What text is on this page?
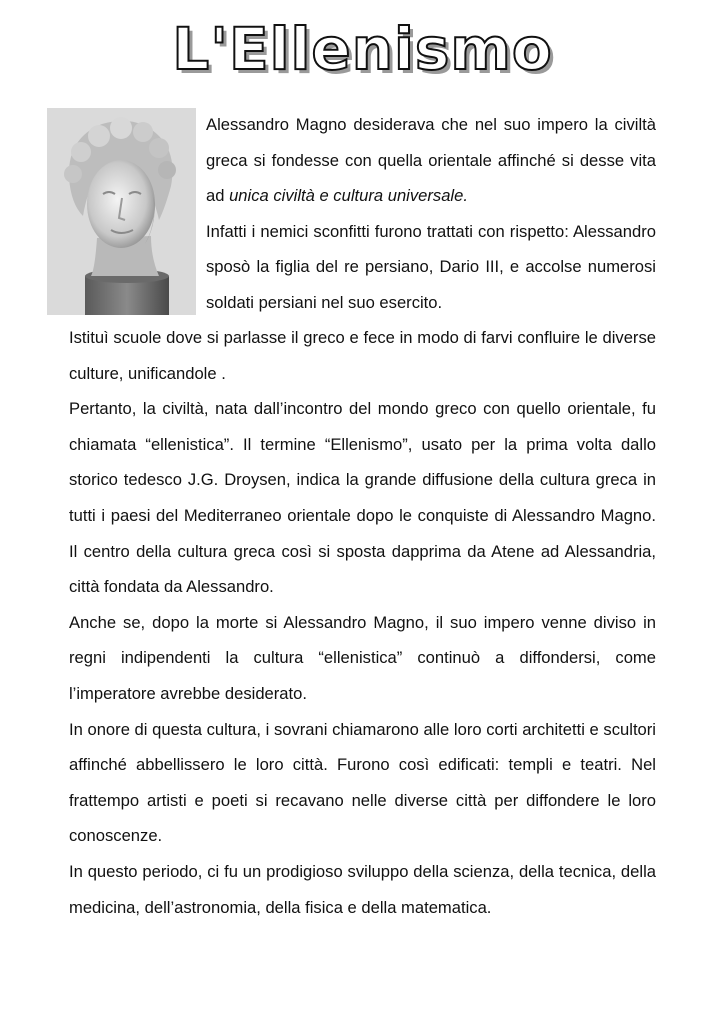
L'Ellenismo

Alessandro Magno desiderava che nel suo impero la civiltà greca si fondesse con quella orientale affinché si desse vita ad unica civiltà e cultura universale.

Infatti i nemici sconfitti furono trattati con rispetto: Alessandro sposò la figlia del re persiano, Dario III, e accolse numerosi soldati persiani nel suo esercito.

Istituì scuole dove si parlasse il greco e fece in modo di farvi confluire le diverse culture, unificandole .

Pertanto, la civiltà, nata dall’incontro del mondo greco con quello orientale, fu chiamata “ellenistica”. Il termine “Ellenismo”, usato per la prima volta dallo storico tedesco J.G. Droysen, indica la grande diffusione della cultura greca in tutti i paesi del Mediterraneo orientale dopo le conquiste di Alessandro Magno. Il centro della cultura greca così si sposta dapprima da Atene ad Alessandria, città fondata da Alessandro.

Anche se, dopo la morte si Alessandro Magno, il suo impero venne diviso in regni indipendenti la cultura “ellenistica” continuò a diffondersi, come l’imperatore avrebbe desiderato.

In onore di questa cultura, i sovrani chiamarono alle loro corti architetti e scultori affinché abbellissero le loro città. Furono così edificati: templi e teatri. Nel frattempo artisti e poeti si recavano nelle diverse città per diffondere le loro conoscenze.

In questo periodo, ci fu un prodigioso sviluppo della scienza, della tecnica, della medicina, dell’astronomia, della fisica e della matematica.
